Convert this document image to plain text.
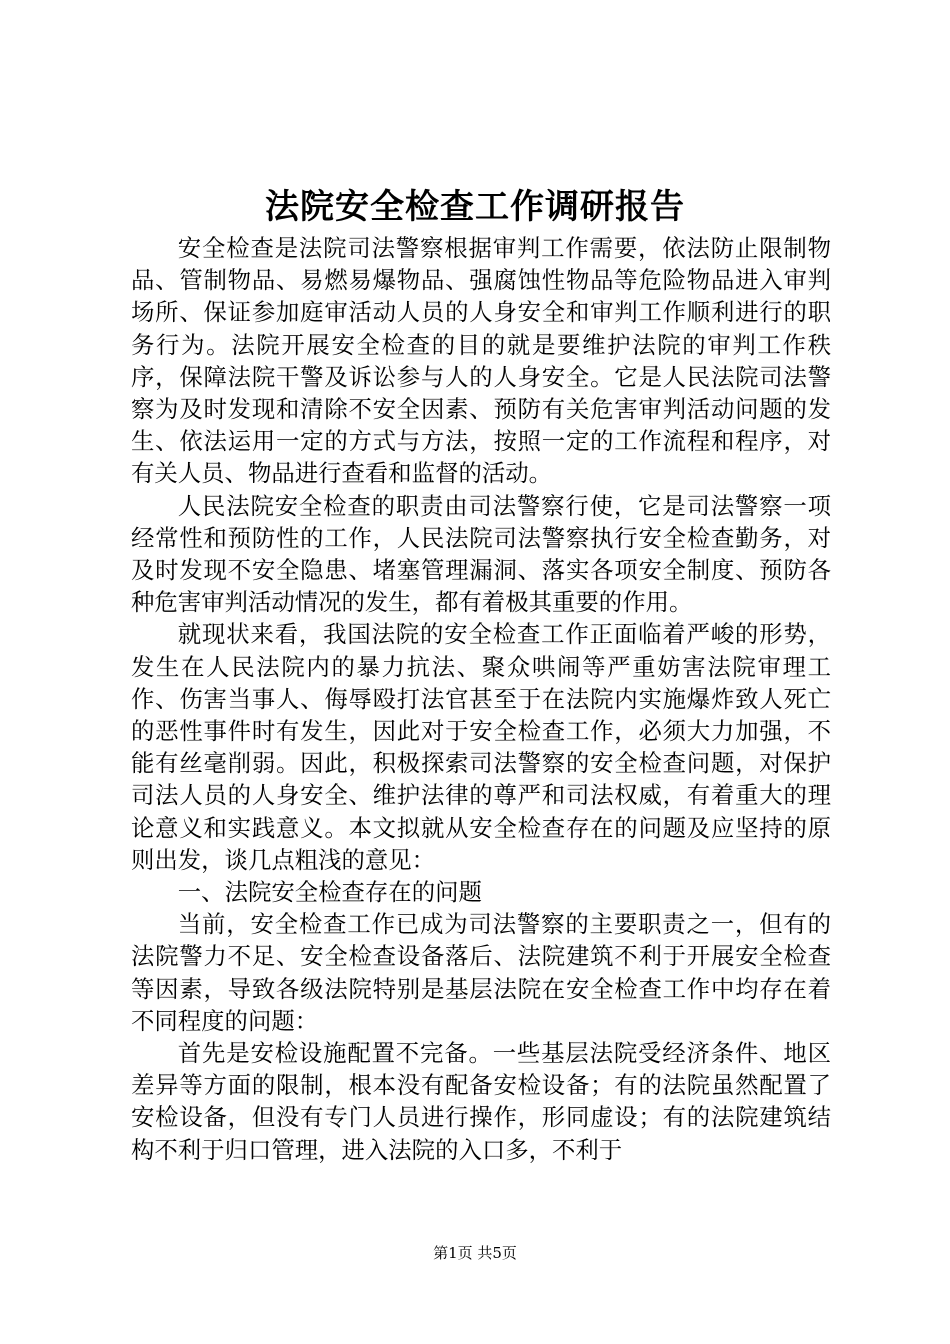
法院安全检查工作调研报告

安全检查是法院司法警察根据审判工作需要，依法防止限制物品、管制物品、易燃易爆物品、强腐蚀性物品等危险物品进入审判场所、保证参加庭审活动人员的人身安全和审判工作顺利进行的职务行为。法院开展安全检查的目的就是要维护法院的审判工作秩序，保障法院干警及诉讼参与人的人身安全。它是人民法院司法警察为及时发现和清除不安全因素、预防有关危害审判活动问题的发生、依法运用一定的方式与方法，按照一定的工作流程和程序，对有关人员、物品进行查看和监督的活动。

人民法院安全检查的职责由司法警察行使，它是司法警察一项经常性和预防性的工作，人民法院司法警察执行安全检查勤务，对及时发现不安全隐患、堵塞管理漏洞、落实各项安全制度、预防各种危害审判活动情况的发生，都有着极其重要的作用。

就现状来看，我国法院的安全检查工作正面临着严峻的形势，发生在人民法院内的暴力抗法、聚众哄闹等严重妨害法院审理工作、伤害当事人、侮辱殴打法官甚至于在法院内实施爆炸致人死亡的恶性事件时有发生，因此对于安全检查工作，必须大力加强，不能有丝毫削弱。因此，积极探索司法警察的安全检查问题，对保护司法人员的人身安全、维护法律的尊严和司法权威，有着重大的理论意义和实践意义。本文拟就从安全检查存在的问题及应坚持的原则出发，谈几点粗浅的意见：

一、法院安全检查存在的问题

当前，安全检查工作已成为司法警察的主要职责之一，但有的法院警力不足、安全检查设备落后、法院建筑不利于开展安全检查等因素，导致各级法院特别是基层法院在安全检查工作中均存在着不同程度的问题：

首先是安检设施配置不完备。一些基层法院受经济条件、地区差异等方面的限制，根本没有配备安检设备；有的法院虽然配置了安检设备，但没有专门人员进行操作，形同虚设；有的法院建筑结构不利于归口管理，进入法院的入口多，不利于

第1页 共5页
